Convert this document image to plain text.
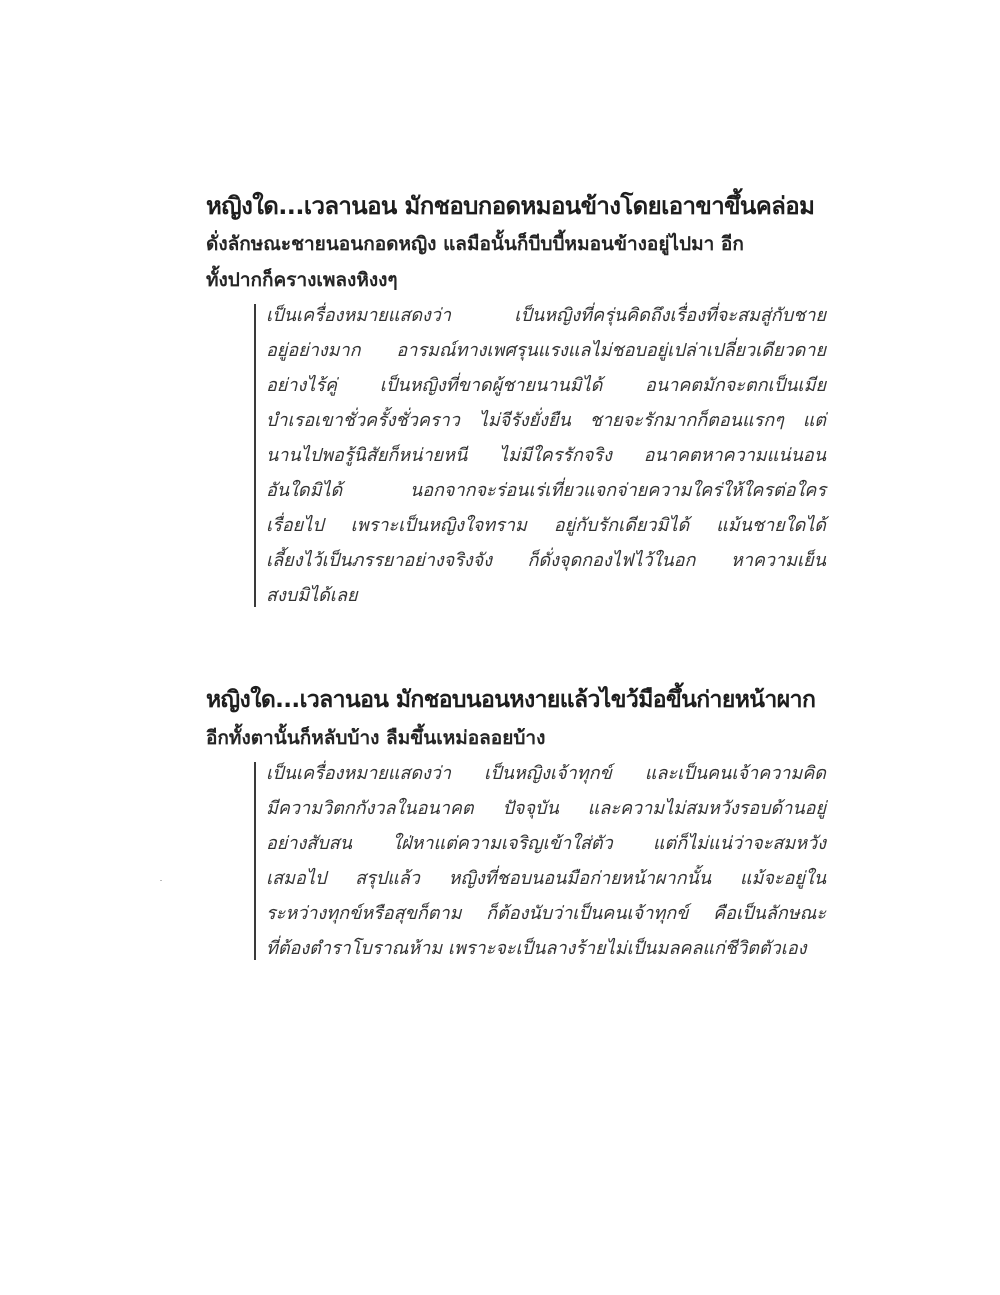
หญิงใด...เวลานอน มักชอบกอดหมอนข้างโดยเอาขาขึ้นคล่อม
ดั่งลักษณะชายนอนกอดหญิง แลมือนั้นก็บีบบี้หมอนข้างอยู่ไปมา อีก
ทั้งปากก็ครางเพลงหิงงๆ
เป็นเครื่องหมายแสดงว่า เป็นหญิงที่ครุ่นคิดถึงเรื่องที่จะสมสู่กับชาย
อยู่อย่างมาก อารมณ์ทางเพศรุนแรงแลไม่ชอบอยู่เปล่าเปลี่ยวเดียวดาย
อย่างไร้คู่ เป็นหญิงที่ขาดผู้ชายนานมิได้ อนาคตมักจะตกเป็นเมีย
บำเรอเขาชั่วครั้งชั่วคราว ไม่จีรังยั่งยืน ชายจะรักมากก็ตอนแรกๆ แต่
นานไปพอรู้นิสัยก็หน่ายหนี ไม่มีใครรักจริง อนาคตหาความแน่นอน
อันใดมิได้ นอกจากจะร่อนเร่เที่ยวแจกจ่ายความใคร่ให้ใครต่อใคร
เรื่อยไป เพราะเป็นหญิงใจทราม อยู่กับรักเดียวมิได้ แม้นชายใดได้
เลี้ยงไว้เป็นภรรยาอย่างจริงจัง ก็ดั่งจุดกองไฟไว้ในอก หาความเย็น
สงบมิได้เลย
หญิงใด...เวลานอน มักชอบนอนหงายแล้วไขว้มือขึ้นก่ายหน้าผาก
อีกทั้งตานั้นก็หลับบ้าง ลืมขึ้นเหม่อลอยบ้าง
เป็นเครื่องหมายแสดงว่า เป็นหญิงเจ้าทุกข์ และเป็นคนเจ้าความคิด
มีความวิตกกังวลในอนาคต ปัจจุบัน และความไม่สมหวังรอบด้านอยู่
อย่างสับสน ใฝ่หาแต่ความเจริญเข้าใส่ตัว แต่ก็ไม่แน่ว่าจะสมหวัง
เสมอไป สรุปแล้ว หญิงที่ชอบนอนมือก่ายหน้าผากนั้น แม้จะอยู่ใน
ระหว่างทุกข์หรือสุขก็ตาม ก็ต้องนับว่าเป็นคนเจ้าทุกข์ คือเป็นลักษณะ
ที่ต้องตำราโบราณห้าม เพราะจะเป็นลางร้ายไม่เป็นมลคลแก่ชีวิตตัวเอง
